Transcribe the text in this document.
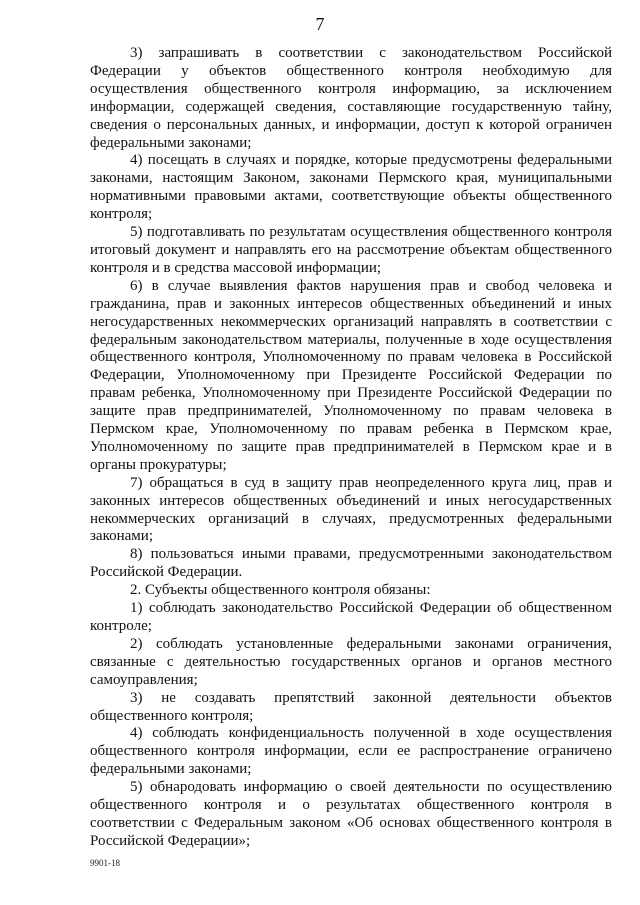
7

3) запрашивать в соответствии с законодательством Российской Федерации у объектов общественного контроля необходимую для осуществления общественного контроля информацию, за исключением информации, содержащей сведения, составляющие государственную тайну, сведения о персональных данных, и информации, доступ к которой ограничен федеральными законами;

4) посещать в случаях и порядке, которые предусмотрены федеральными законами, настоящим Законом, законами Пермского края, муниципальными нормативными правовыми актами, соответствующие объекты общественного контроля;

5) подготавливать по результатам осуществления общественного контроля итоговый документ и направлять его на рассмотрение объектам общественного контроля и в средства массовой информации;

6) в случае выявления фактов нарушения прав и свобод человека и гражданина, прав и законных интересов общественных объединений и иных негосударственных некоммерческих организаций направлять в соответствии с федеральным законодательством материалы, полученные в ходе осуществления общественного контроля, Уполномоченному по правам человека в Российской Федерации, Уполномоченному при Президенте Российской Федерации по правам ребенка, Уполномоченному при Президенте Российской Федерации по защите прав предпринимателей, Уполномоченному по правам человека в Пермском крае, Уполномоченному по правам ребенка в Пермском крае, Уполномоченному по защите прав предпринимателей в Пермском крае и в органы прокуратуры;

7) обращаться в суд в защиту прав неопределенного круга лиц, прав и законных интересов общественных объединений и иных негосударственных некоммерческих организаций в случаях, предусмотренных федеральными законами;

8) пользоваться иными правами, предусмотренными законодательством Российской Федерации.

2. Субъекты общественного контроля обязаны:

1) соблюдать законодательство Российской Федерации об общественном контроле;

2) соблюдать установленные федеральными законами ограничения, связанные с деятельностью государственных органов и органов местного самоуправления;

3) не создавать препятствий законной деятельности объектов общественного контроля;

4) соблюдать конфиденциальность полученной в ходе осуществления общественного контроля информации, если ее распространение ограничено федеральными законами;

5) обнародовать информацию о своей деятельности по осуществлению общественного контроля и о результатах общественного контроля в соответствии с Федеральным законом «Об основах общественного контроля в Российской Федерации»;

9901-18
